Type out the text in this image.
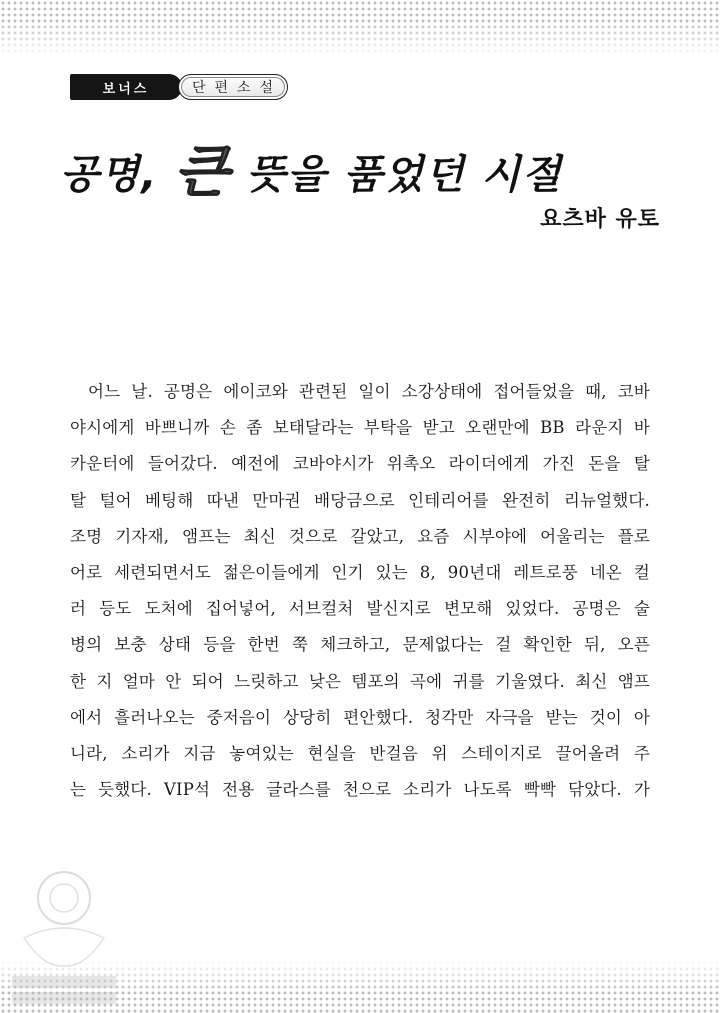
보너스	단편소설
공명, 큰 뜻을 품었던 시절
요츠바 유토
어느 날. 공명은 에이코와 관련된 일이 소강상태에 접어들었을 때, 코바
야시에게 바쁘니까 손 좀 보태달라는 부탁을 받고 오랜만에 BB 라운지 바
카운터에 들어갔다. 예전에 코바야시가 위촉오 라이더에게 가진 돈을 탈
탈 털어 베팅해 따낸 만마권 배당금으로 인테리어를 완전히 리뉴얼했다.
조명 기자재, 앰프는 최신 것으로 갈았고, 요즘 시부야에 어울리는 플로
어로 세련되면서도 젊은이들에게 인기 있는 8, 90년대 레트로풍 네온 컬
러 등도 도처에 집어넣어, 서브컬처 발신지로 변모해 있었다. 공명은 술
병의 보충 상태 등을 한번 쭉 체크하고, 문제없다는 걸 확인한 뒤, 오픈
한 지 얼마 안 되어 느릿하고 낮은 템포의 곡에 귀를 기울였다. 최신 앰프
에서 흘러나오는 중저음이 상당히 편안했다. 청각만 자극을 받는 것이 아
니라, 소리가 지금 놓여있는 현실을 반걸음 위 스테이지로 끌어올려 주
는 듯했다. VIP석 전용 글라스를 천으로 소리가 나도록 빡빡 닦았다. 가
